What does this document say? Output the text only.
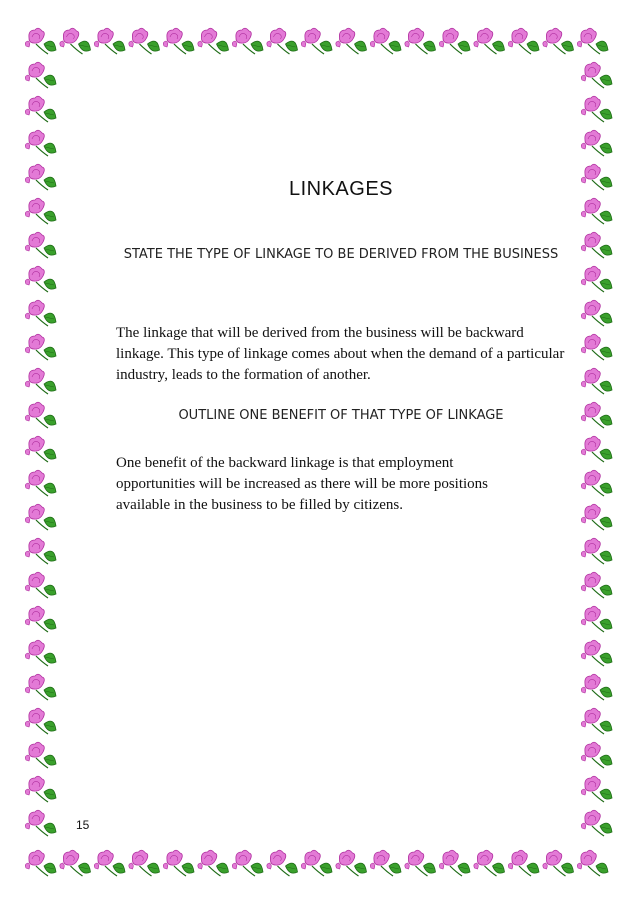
LINKAGES
STATE THE TYPE OF LINKAGE TO BE DERIVED FROM THE BUSINESS

The linkage that will be derived from the business will be backward linkage. This type of linkage comes about when the demand of a particular industry, leads to the formation of another.

OUTLINE ONE BENEFIT OF THAT TYPE OF LINKAGE

One benefit of the backward linkage is that employment opportunities will be increased as there will be more positions available in the business to be filled by citizens.

15
